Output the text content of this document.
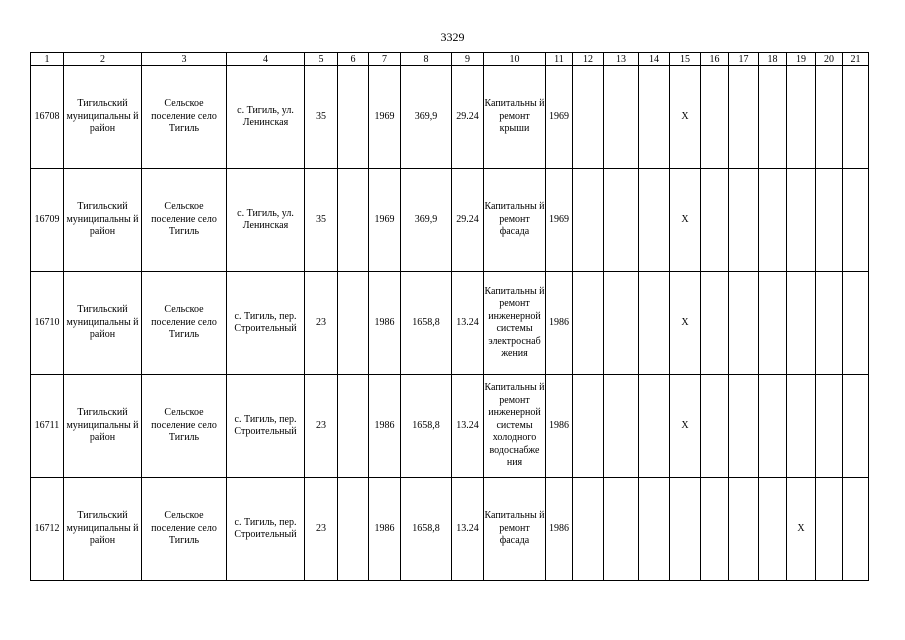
3329
1	2	3	4	5	6	7	8	9	10	11	12	13	14	15	16	17	18	19	20	21
16708	Тигильский муниципальны й район	Сельское поселение село Тигиль	с. Тигиль, ул. Ленинская	35		1969	369,9	29.24	Капитальны й ремонт крыши	1969				X						
16709	Тигильский муниципальны й район	Сельское поселение село Тигиль	с. Тигиль, ул. Ленинская	35		1969	369,9	29.24	Капитальны й ремонт фасада	1969				X						
16710	Тигильский муниципальны й район	Сельское поселение село Тигиль	с. Тигиль, пер. Строительный	23		1986	1658,8	13.24	Капитальны й ремонт инженерной системы электроснаб жения	1986				X						
16711	Тигильский муниципальны й район	Сельское поселение село Тигиль	с. Тигиль, пер. Строительный	23		1986	1658,8	13.24	Капитальны й ремонт инженерной системы холодного водоснабже ния	1986				X						
16712	Тигильский муниципальны й район	Сельское поселение село Тигиль	с. Тигиль, пер. Строительный	23		1986	1658,8	13.24	Капитальны й ремонт фасада	1986								X		
